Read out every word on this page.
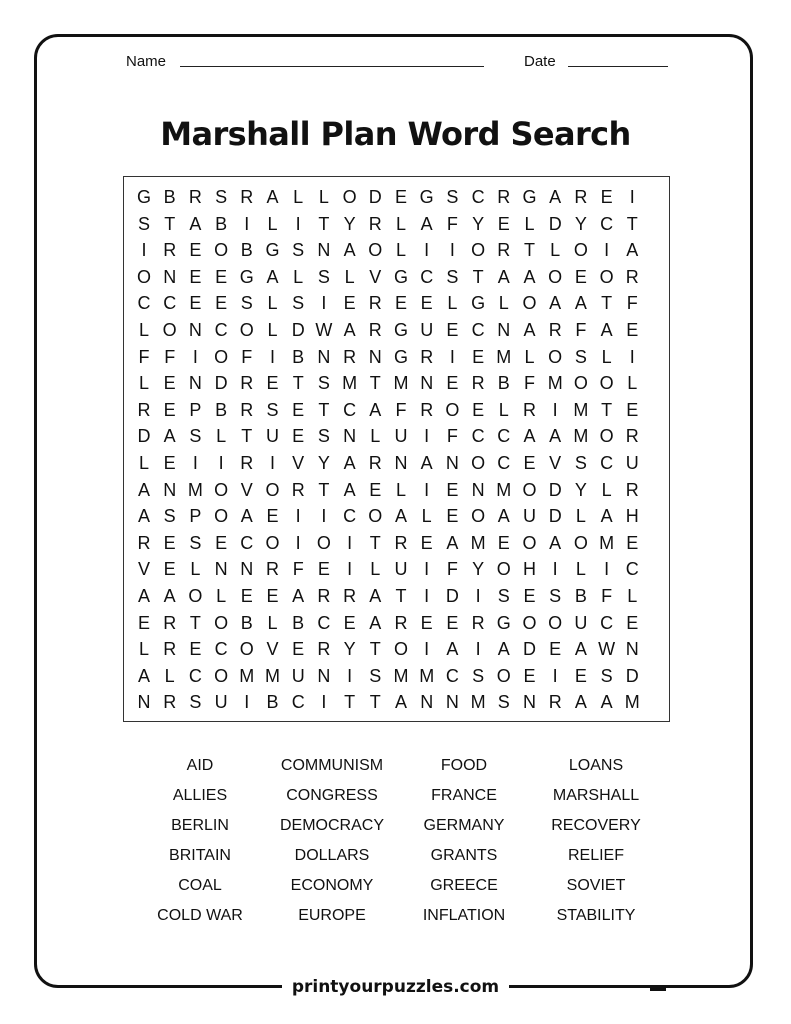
Name	Date
Marshall Plan Word Search
G B R S R A L L O D E G S C R G A R E I
S T A B I	L	I T Y R L A F Y E L D Y C T
I R E O B G S N A O L	I	I O R T L O I A
O N E E G A L S L V G C S T A A O E O R
C C E E S L S I E R E E L G L O A A T F
L O N C O L D W A R G U E C N A R F A E
F F I O F I B N R N G R I E M L O S L	I
L E N D R E T S M T M N E R B F M O O L
R E P B R S E T C A F R O E L R I M T E
D A S L T U E S N L U I F C C A A M O R
L E I	I R I V Y A R N A N O C E V S C U
A N M O V O R T A E L	I E N M O D Y L R
A S P O A E I	I C O A L E O A U D L A H
R E S E C O I O I T R E A M E O A O M E
V E L N N R F E I	L U I F Y O H I	L	I C
A A O L E E A R R A T I D I S E S B F L
E R T O B L B C E A R E E R G O O U C E
L R E C O V E R Y T O I A I A D E A W N
A L C O M M U N I S M M C S O E I E S D
N R S U I B C I T T A N N M S N R A A M
AID	COMMUNISM	FOOD	LOANS
ALLIES	CONGRESS	FRANCE	MARSHALL
BERLIN	DEMOCRACY	GERMANY	RECOVERY
BRITAIN	DOLLARS	GRANTS	RELIEF
COAL	ECONOMY	GREECE	SOVIET
COLD WAR	EUROPE	INFLATION	STABILITY
printyourpuzzles.com
